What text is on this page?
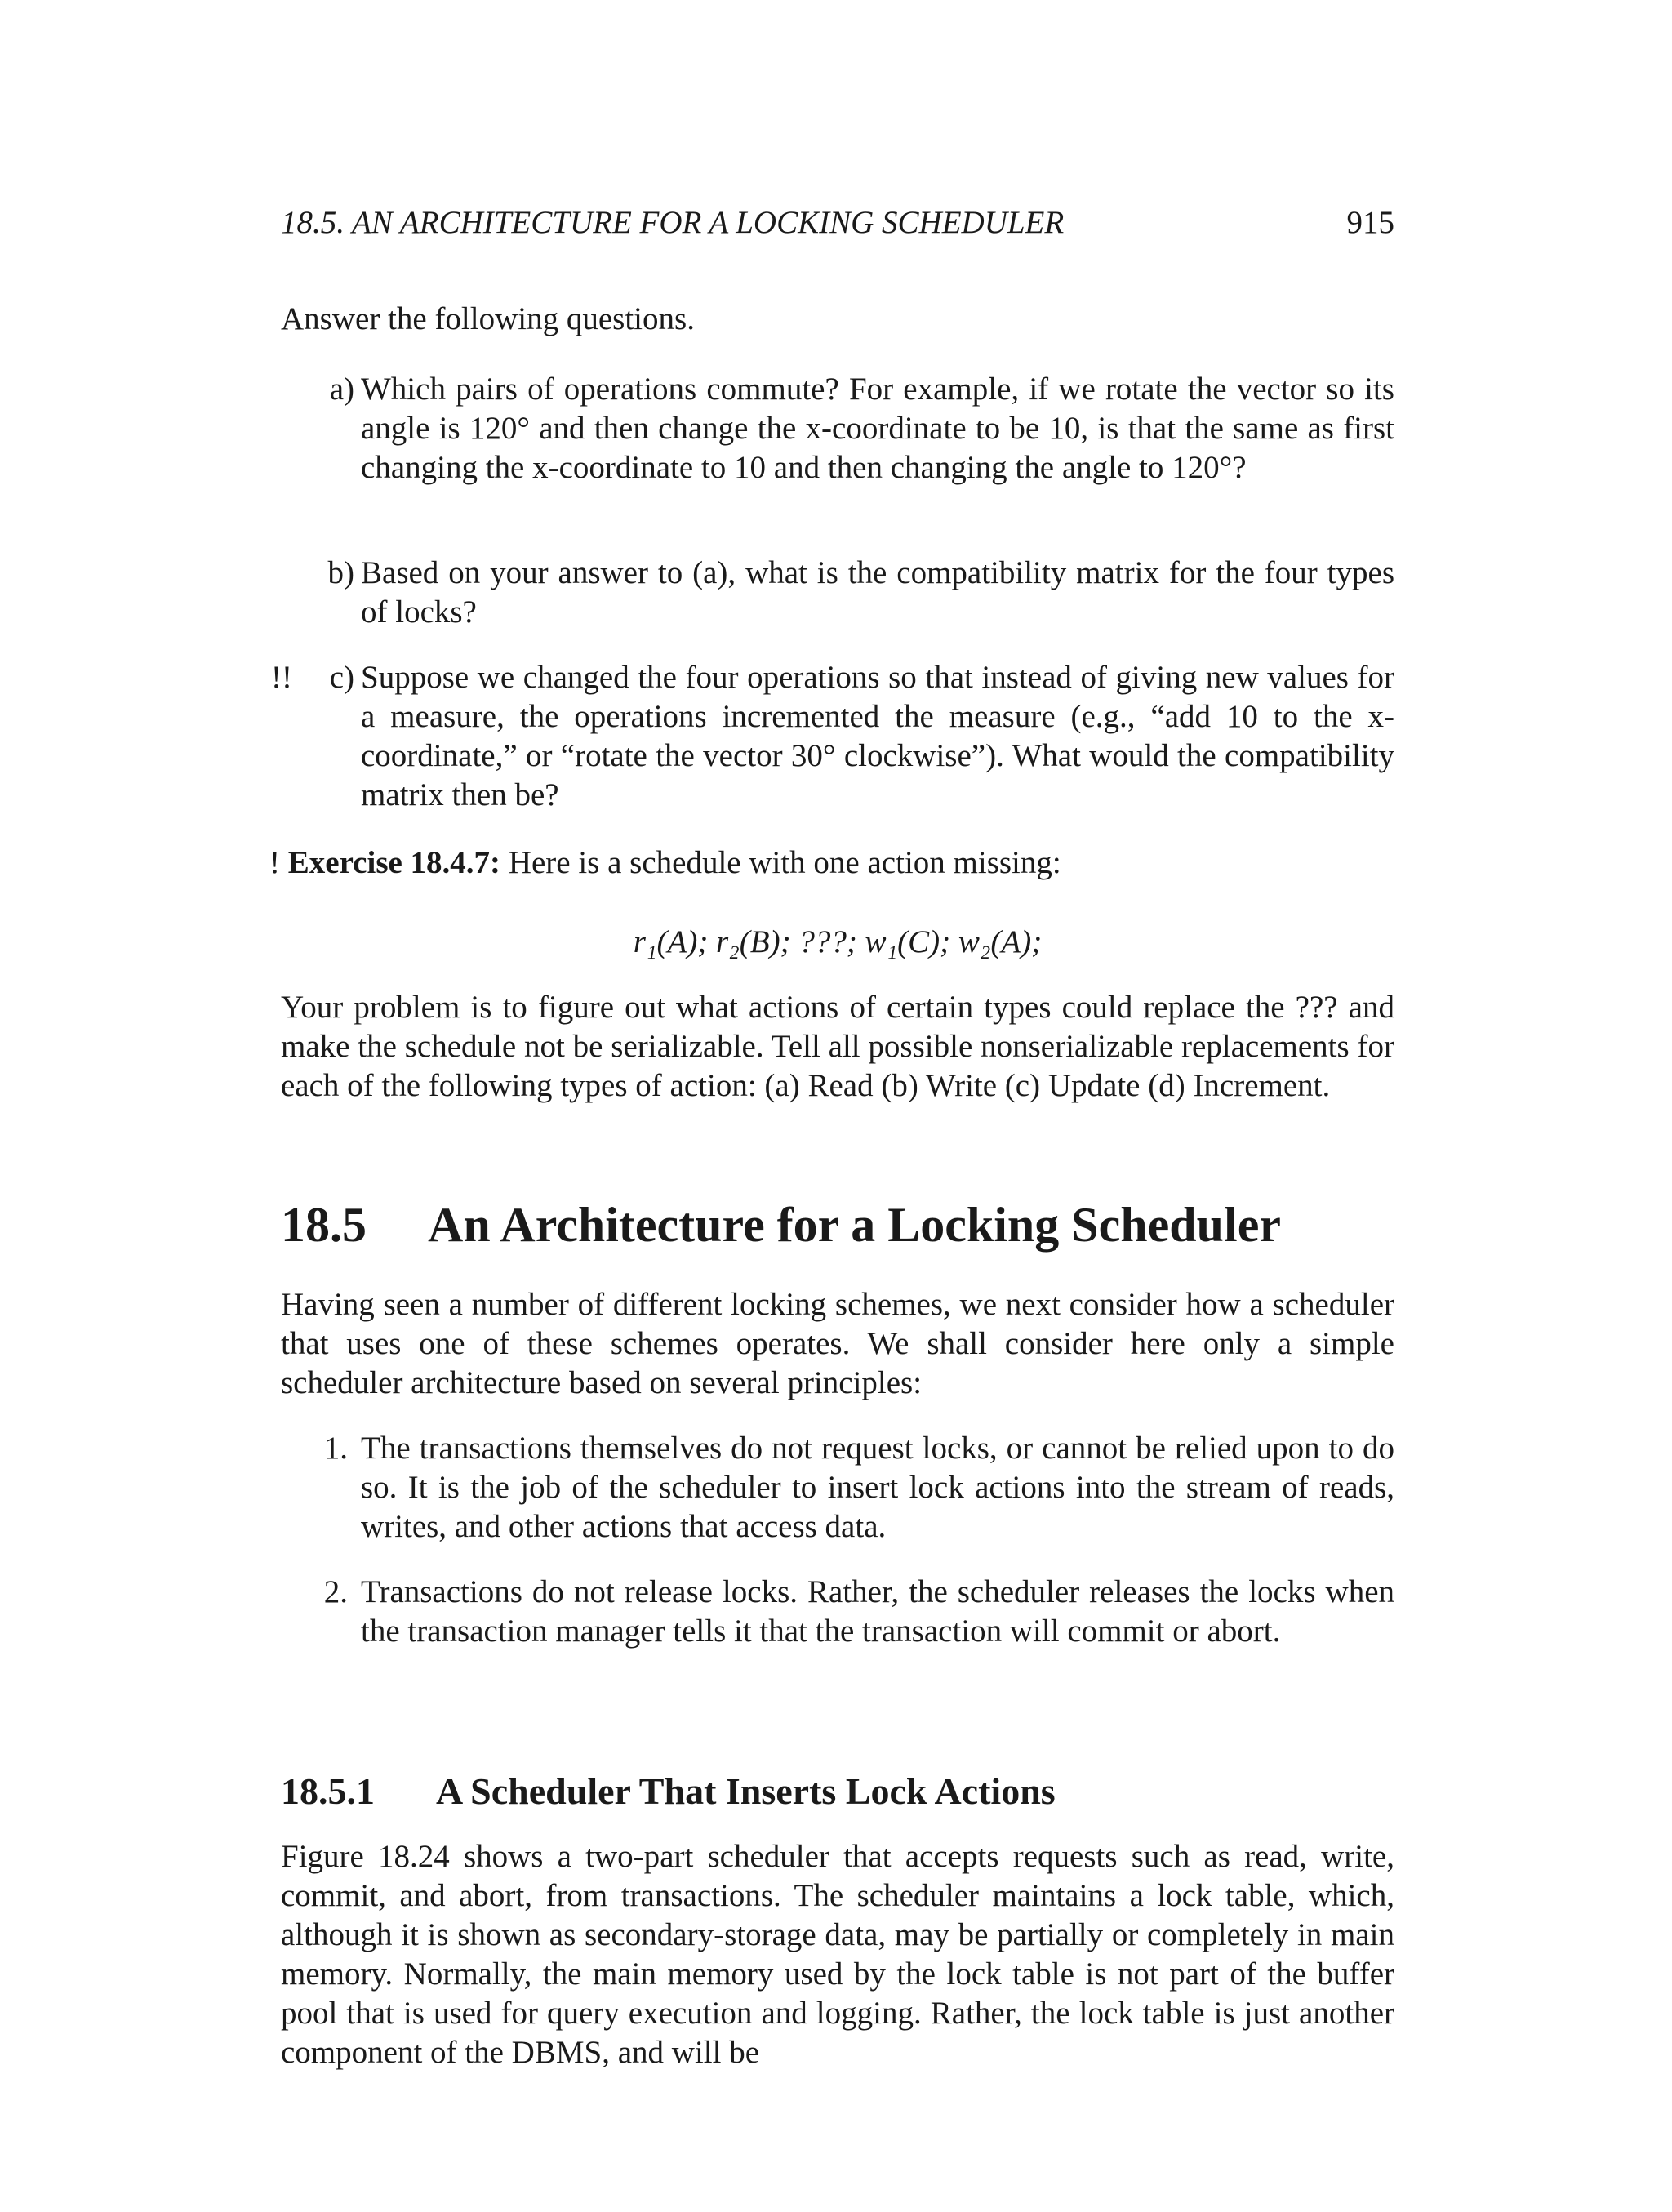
18.5. AN ARCHITECTURE FOR A LOCKING SCHEDULER	915

Answer the following questions.

a) Which pairs of operations commute? For example, if we rotate the vector so its angle is 120° and then change the x-coordinate to be 10, is that the same as first changing the x-coordinate to 10 and then changing the angle to 120°?
b) Based on your answer to (a), what is the compatibility matrix for the four types of locks?
!!	c) Suppose we changed the four operations so that instead of giving new values for a measure, the operations incremented the measure (e.g., “add 10 to the x-coordinate,” or “rotate the vector 30° clockwise”). What would the compatibility matrix then be?
! Exercise 18.4.7: Here is a schedule with one action missing:
r₁(A); r₂(B); ???; w₁(C); w₂(A);

Your problem is to figure out what actions of certain types could replace the ??? and make the schedule not be serializable. Tell all possible nonserializable replacements for each of the following types of action: (a) Read (b) Write (c) Update (d) Increment.

18.5 An Architecture for a Locking Scheduler

Having seen a number of different locking schemes, we next consider how a scheduler that uses one of these schemes operates. We shall consider here only a simple scheduler architecture based on several principles:

1. The transactions themselves do not request locks, or cannot be relied upon to do so. It is the job of the scheduler to insert lock actions into the stream of reads, writes, and other actions that access data.
2. Transactions do not release locks. Rather, the scheduler releases the locks when the transaction manager tells it that the transaction will commit or abort.
18.5.1 A Scheduler That Inserts Lock Actions

Figure 18.24 shows a two-part scheduler that accepts requests such as read, write, commit, and abort, from transactions. The scheduler maintains a lock table, which, although it is shown as secondary-storage data, may be partially or completely in main memory. Normally, the main memory used by the lock table is not part of the buffer pool that is used for query execution and logging. Rather, the lock table is just another component of the DBMS, and will be
